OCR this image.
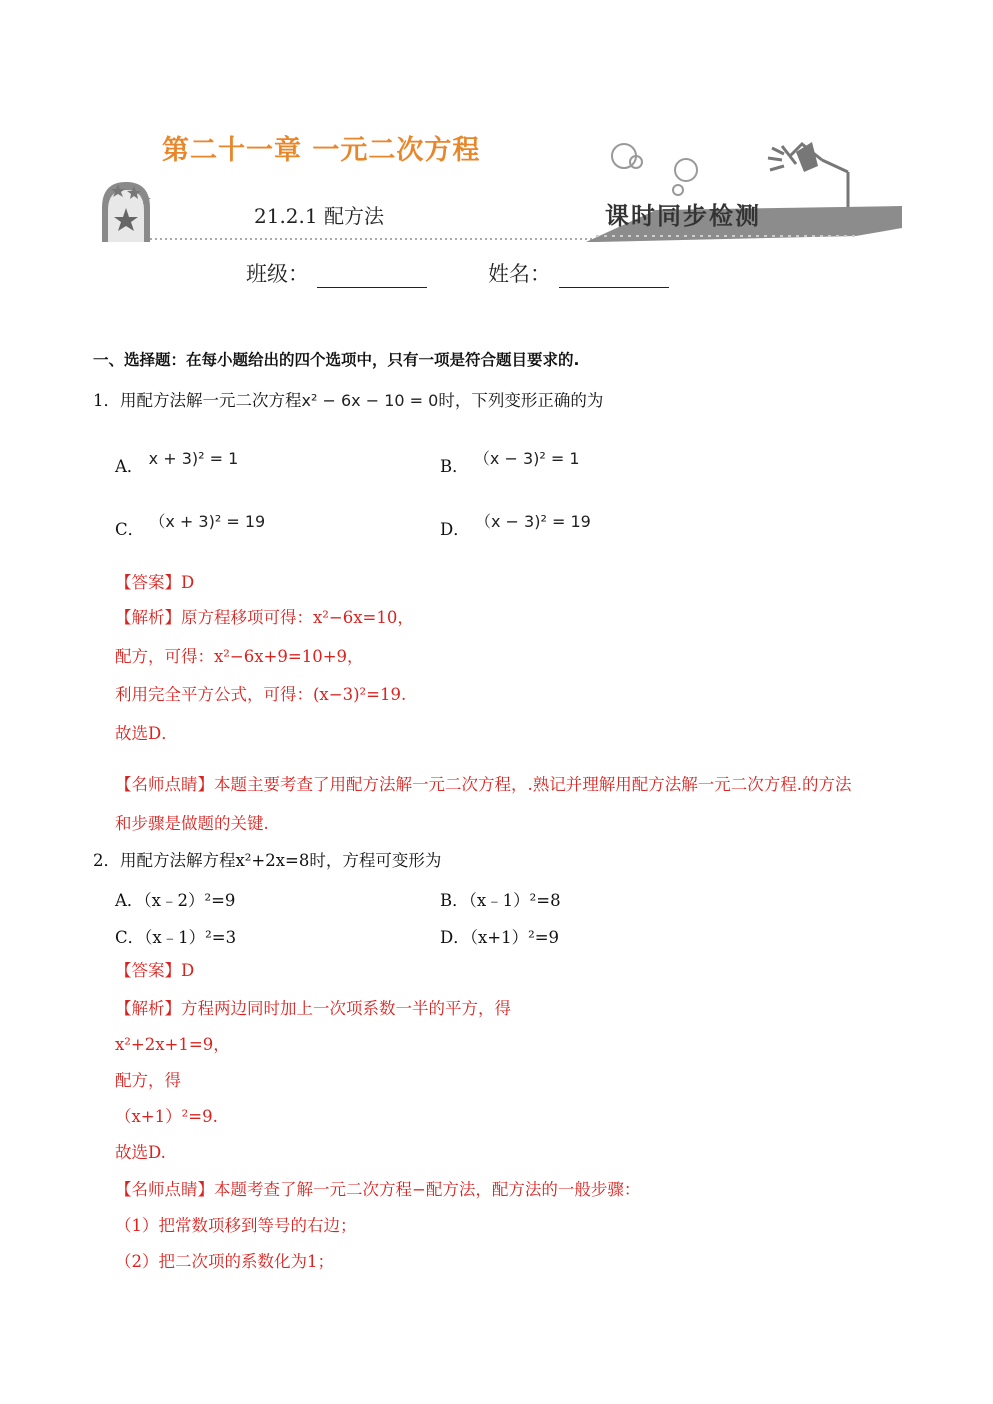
第二十一章 一元二次方程
21.2.1 配方法	课时同步检测
班级：	姓名：
一、选择题：在每小题给出的四个选项中，只有一项是符合题目要求的.
1．用配方法解一元二次方程x² − 6x − 10 = 0时，下列变形正确的为
A． x + 3)² = 1	B． （x − 3)² = 1
C． （x + 3)² = 19	D． （x − 3)² = 19
【答案】D
【解析】原方程移项可得：x²−6x=10，
配方，可得：x²−6x+9=10+9，
利用完全平方公式，可得：(x−3)²=19.
故选D．
【名师点睛】本题主要考查了用配方法解一元二次方程，.熟记并理解用配方法解一元二次方程.的方法
和步骤是做题的关键.
2．用配方法解方程x²+2x=8时，方程可变形为
A．（x﹣2）²=9	B．（x﹣1）²=8
C．（x﹣1）²=3	D．（x+1）²=9
【答案】D
【解析】方程两边同时加上一次项系数一半的平方，得
x²+2x+1=9，
配方，得
（x+1）²=9.
故选D.
【名师点睛】本题考查了解一元二次方程−配方法，配方法的一般步骤：
（1）把常数项移到等号的右边；
（2）把二次项的系数化为1；
